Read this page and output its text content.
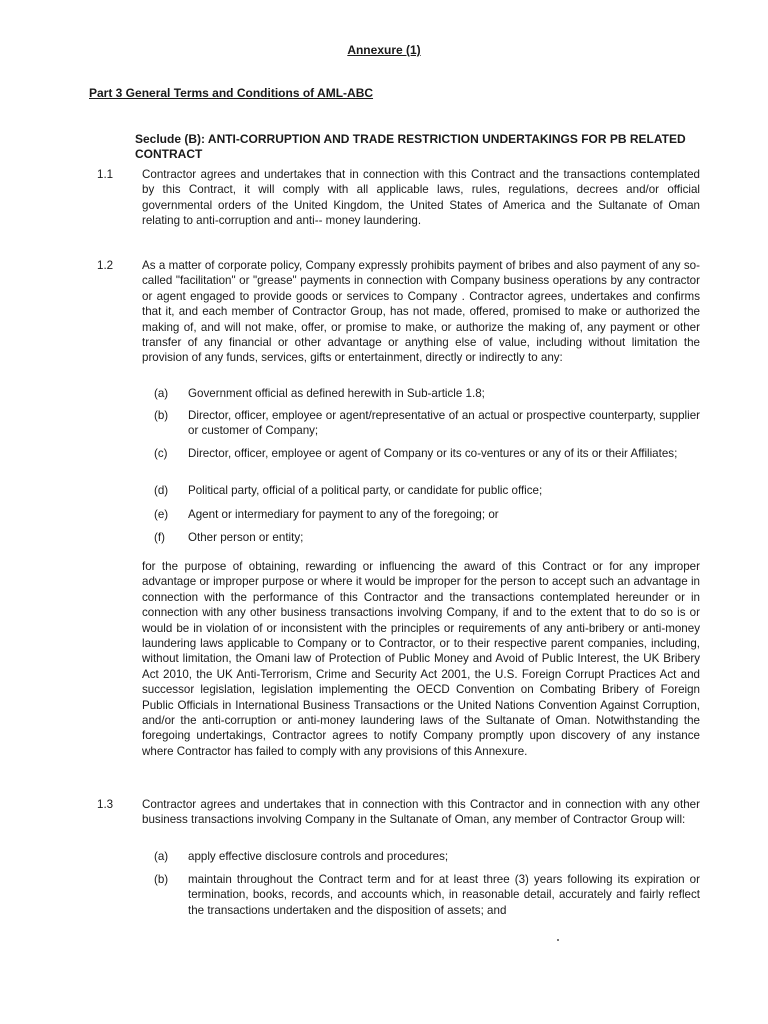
Annexure (1)
Part 3 General Terms and Conditions of AML-ABC
Seclude (B): ANTI-CORRUPTION AND TRADE RESTRICTION UNDERTAKINGS FOR PB RELATED CONTRACT
1.1 Contractor agrees and undertakes that in connection with this Contract and the transactions contemplated by this Contract, it will comply with all applicable laws, rules, regulations, decrees and/or official governmental orders of the United Kingdom, the United States of America and the Sultanate of Oman relating to anti-corruption and anti-- money laundering.
1.2 As a matter of corporate policy, Company expressly prohibits payment of bribes and also payment of any so-called "facilitation" or "grease" payments in connection with Company business operations by any contractor or agent engaged to provide goods or services to Company . Contractor agrees, undertakes and confirms that it, and each member of Contractor Group, has not made, offered, promised to make or authorized the making of, and will not make, offer, or promise to make, or authorize the making of, any payment or other transfer of any financial or other advantage or anything else of value, including without limitation the provision of any funds, services, gifts or entertainment, directly or indirectly to any:
(a) Government official as defined herewith in Sub-article 1.8;
(b) Director, officer, employee or agent/representative of an actual or prospective counterparty, supplier or customer of Company;
(c) Director, officer, employee or agent of Company or its co-ventures or any of its or their Affiliates;
(d) Political party, official of a political party, or candidate for public office;
(e) Agent or intermediary for payment to any of the foregoing; or
(f) Other person or entity;
for the purpose of obtaining, rewarding or influencing the award of this Contract or for any improper advantage or improper purpose or where it would be improper for the person to accept such an advantage in connection with the performance of this Contractor and the transactions contemplated hereunder or in connection with any other business transactions involving Company, if and to the extent that to do so is or would be in violation of or inconsistent with the principles or requirements of any anti-bribery or anti-money laundering laws applicable to Company or to Contractor, or to their respective parent companies, including, without limitation, the Omani law of Protection of Public Money and Avoid of Public Interest, the UK Bribery Act 2010, the UK Anti-Terrorism, Crime and Security Act 2001, the U.S. Foreign Corrupt Practices Act and successor legislation, legislation implementing the OECD Convention on Combating Bribery of Foreign Public Officials in International Business Transactions or the United Nations Convention Against Corruption, and/or the anti-corruption or anti-money laundering laws of the Sultanate of Oman. Notwithstanding the foregoing undertakings, Contractor agrees to notify Company promptly upon discovery of any instance where Contractor has failed to comply with any provisions of this Annexure.
1.3 Contractor agrees and undertakes that in connection with this Contractor and in connection with any other business transactions involving Company in the Sultanate of Oman, any member of Contractor Group will:
(a) apply effective disclosure controls and procedures;
(b) maintain throughout the Contract term and for at least three (3) years following its expiration or termination, books, records, and accounts which, in reasonable detail, accurately and fairly reflect the transactions undertaken and the disposition of assets; and
